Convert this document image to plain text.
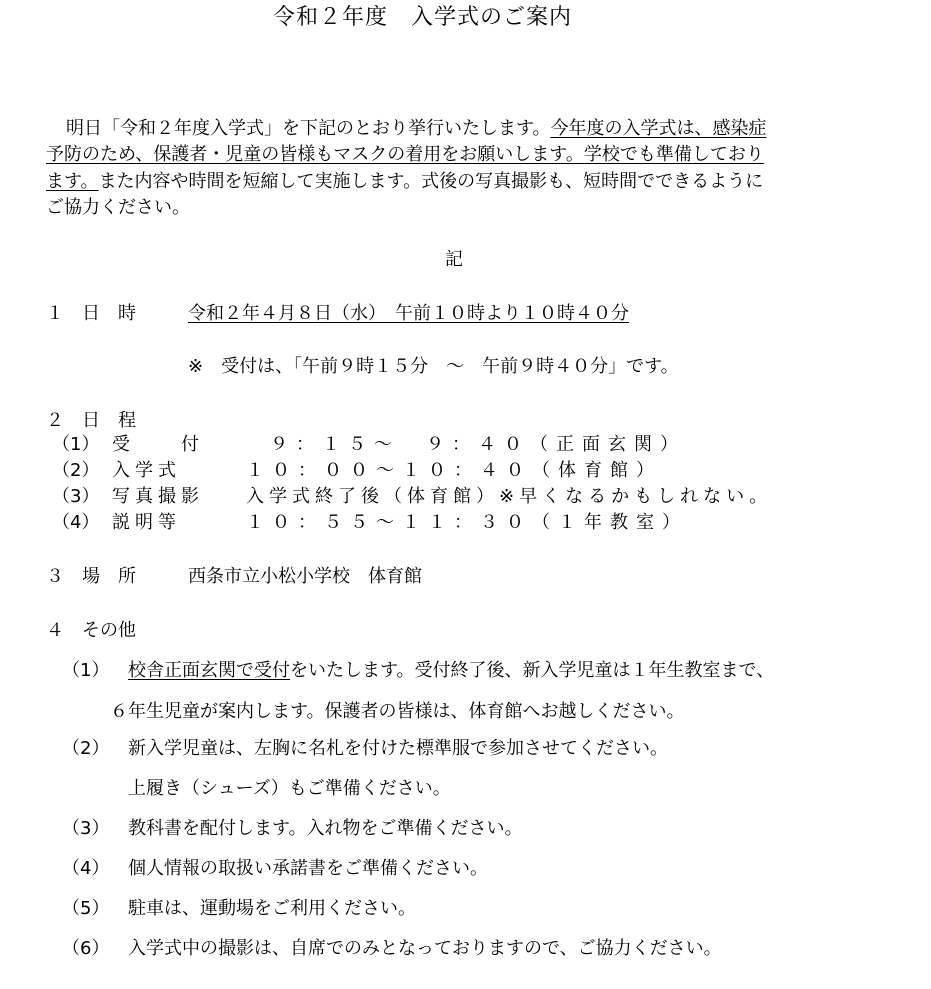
令和２年度　入学式のご案内
明日「令和２年度入学式」を下記のとおり挙行いたします。今年度の入学式は、感染症
予防のため、保護者・児童の皆様もマスクの着用をお願いします。学校でも準備しており
ます。また内容や時間を短縮して実施します。式後の写真撮影も、短時間でできるように
ご協力ください。
記
１　日　時	令和２年４月８日（水）　午前１０時より１０時４０分
※　受付は、「午前９時１５分　～　午前９時４０分」です。
２　日　程
（1） 受　　付	９：１５～　９：４０（正面玄関）
（2） 入学式	１０：００～１０：４０（体育館）
（3） 写真撮影 入学式終了後（体育館）※早くなるかもしれない。
（4） 説明等	１０：５５～１１：３０（１年教室）
３　場　所	西条市立小松小学校　体育館
４　その他
（1） 校舎正面玄関で受付をいたします。受付終了後、新入学児童は１年生教室まで、
６年生児童が案内します。保護者の皆様は、体育館へお越しください。
（2） 新入学児童は、左胸に名札を付けた標準服で参加させてください。
上履き（シューズ）もご準備ください。
（3） 教科書を配付します。入れ物をご準備ください。
（4） 個人情報の取扱い承諾書をご準備ください。
（5） 駐車は、運動場をご利用ください。
（6） 入学式中の撮影は、自席でのみとなっておりますので、ご協力ください。
